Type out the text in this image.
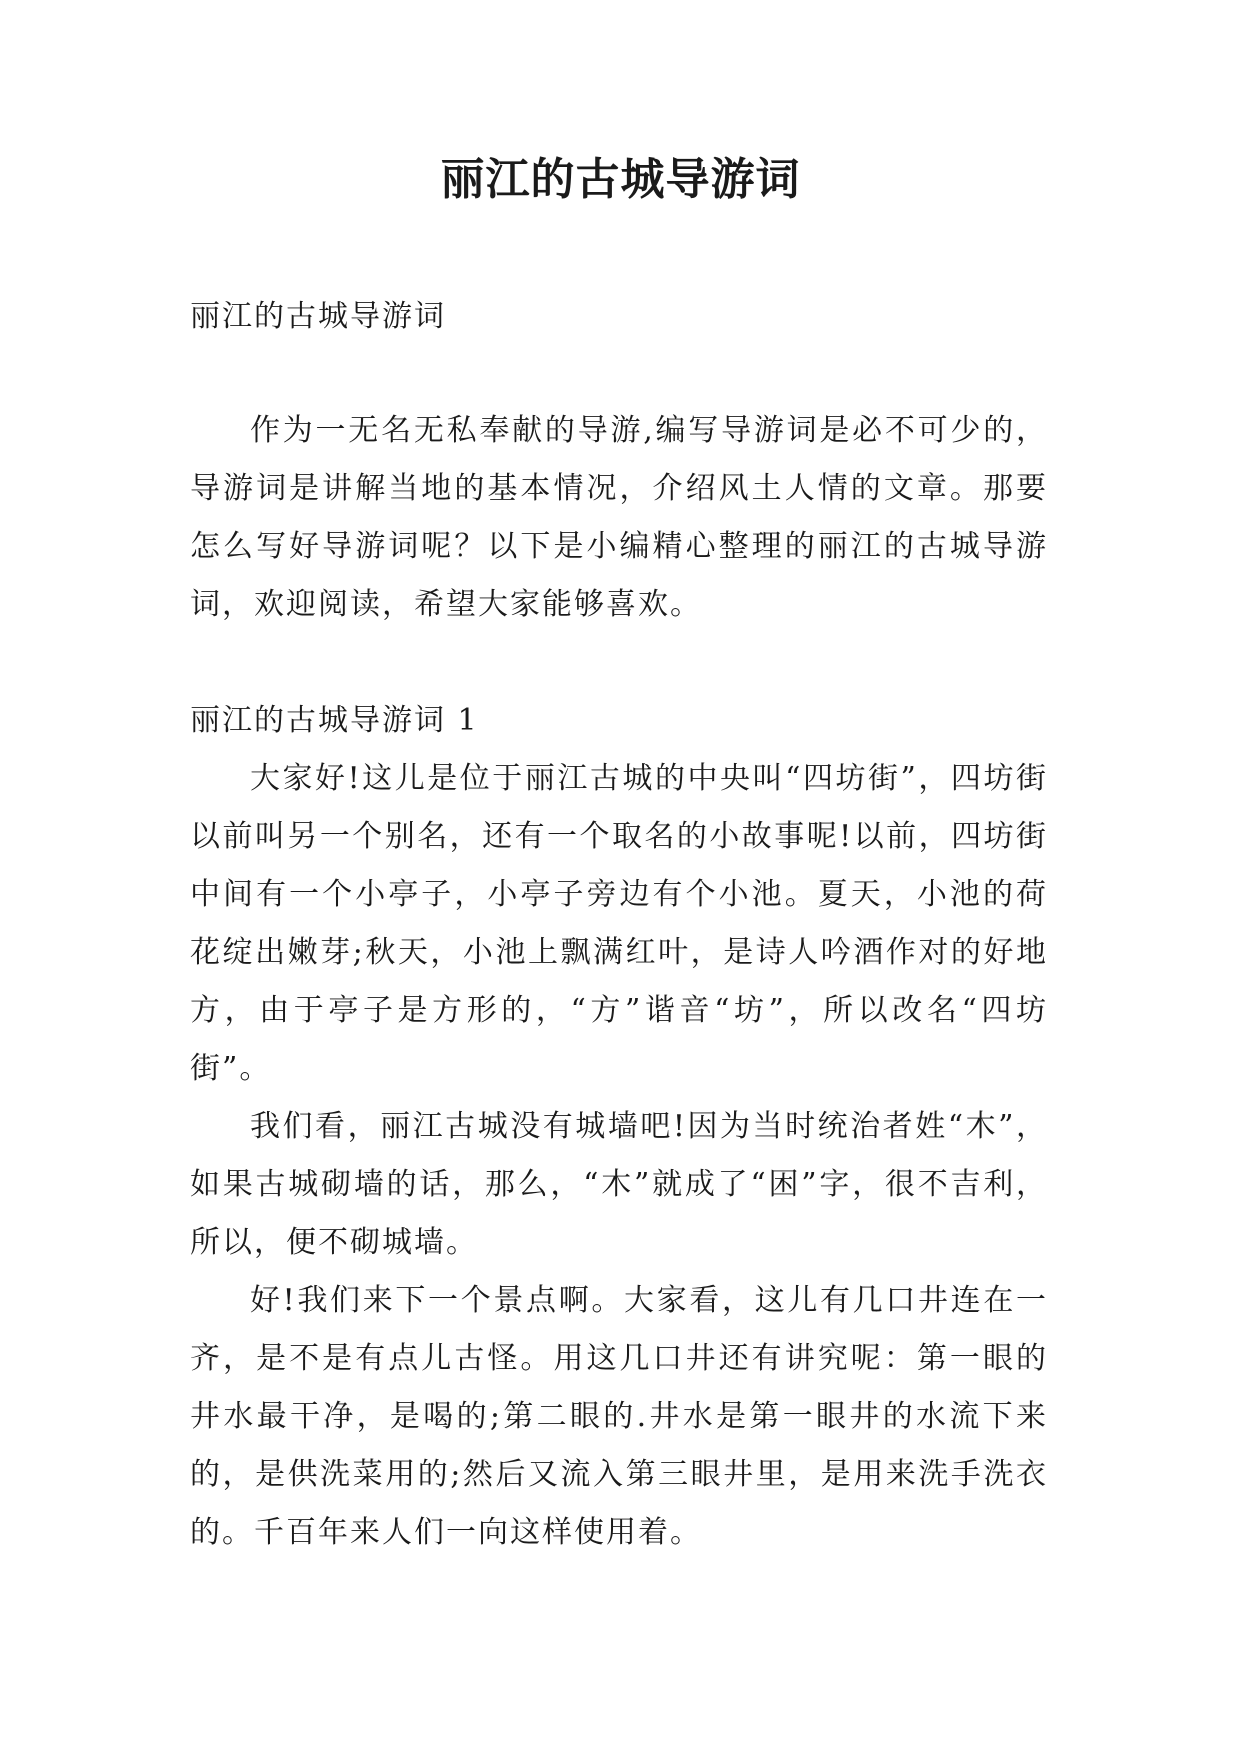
丽江的古城导游词
丽江的古城导游词

作为一无名无私奉献的导游,编写导游词是必不可少的，导游词是讲解当地的基本情况，介绍风土人情的文章。那要怎么写好导游词呢？以下是小编精心整理的丽江的古城导游词，欢迎阅读，希望大家能够喜欢。

丽江的古城导游词 1

大家好!这儿是位于丽江古城的中央叫“四坊街”，四坊街以前叫另一个别名，还有一个取名的小故事呢!以前，四坊街中间有一个小亭子，小亭子旁边有个小池。夏天，小池的荷花绽出嫩芽;秋天，小池上飘满红叶，是诗人吟酒作对的好地方，由于亭子是方形的，“方”谐音“坊”，所以改名“四坊街”。

我们看，丽江古城没有城墙吧!因为当时统治者姓“木”，如果古城砌墙的话，那么，“木”就成了“困”字，很不吉利，所以，便不砌城墙。

好!我们来下一个景点啊。大家看，这儿有几口井连在一齐，是不是有点儿古怪。用这几口井还有讲究呢：第一眼的井水最干净，是喝的;第二眼的.井水是第一眼井的水流下来的，是供洗菜用的;然后又流入第三眼井里，是用来洗手洗衣的。千百年来人们一向这样使用着。
